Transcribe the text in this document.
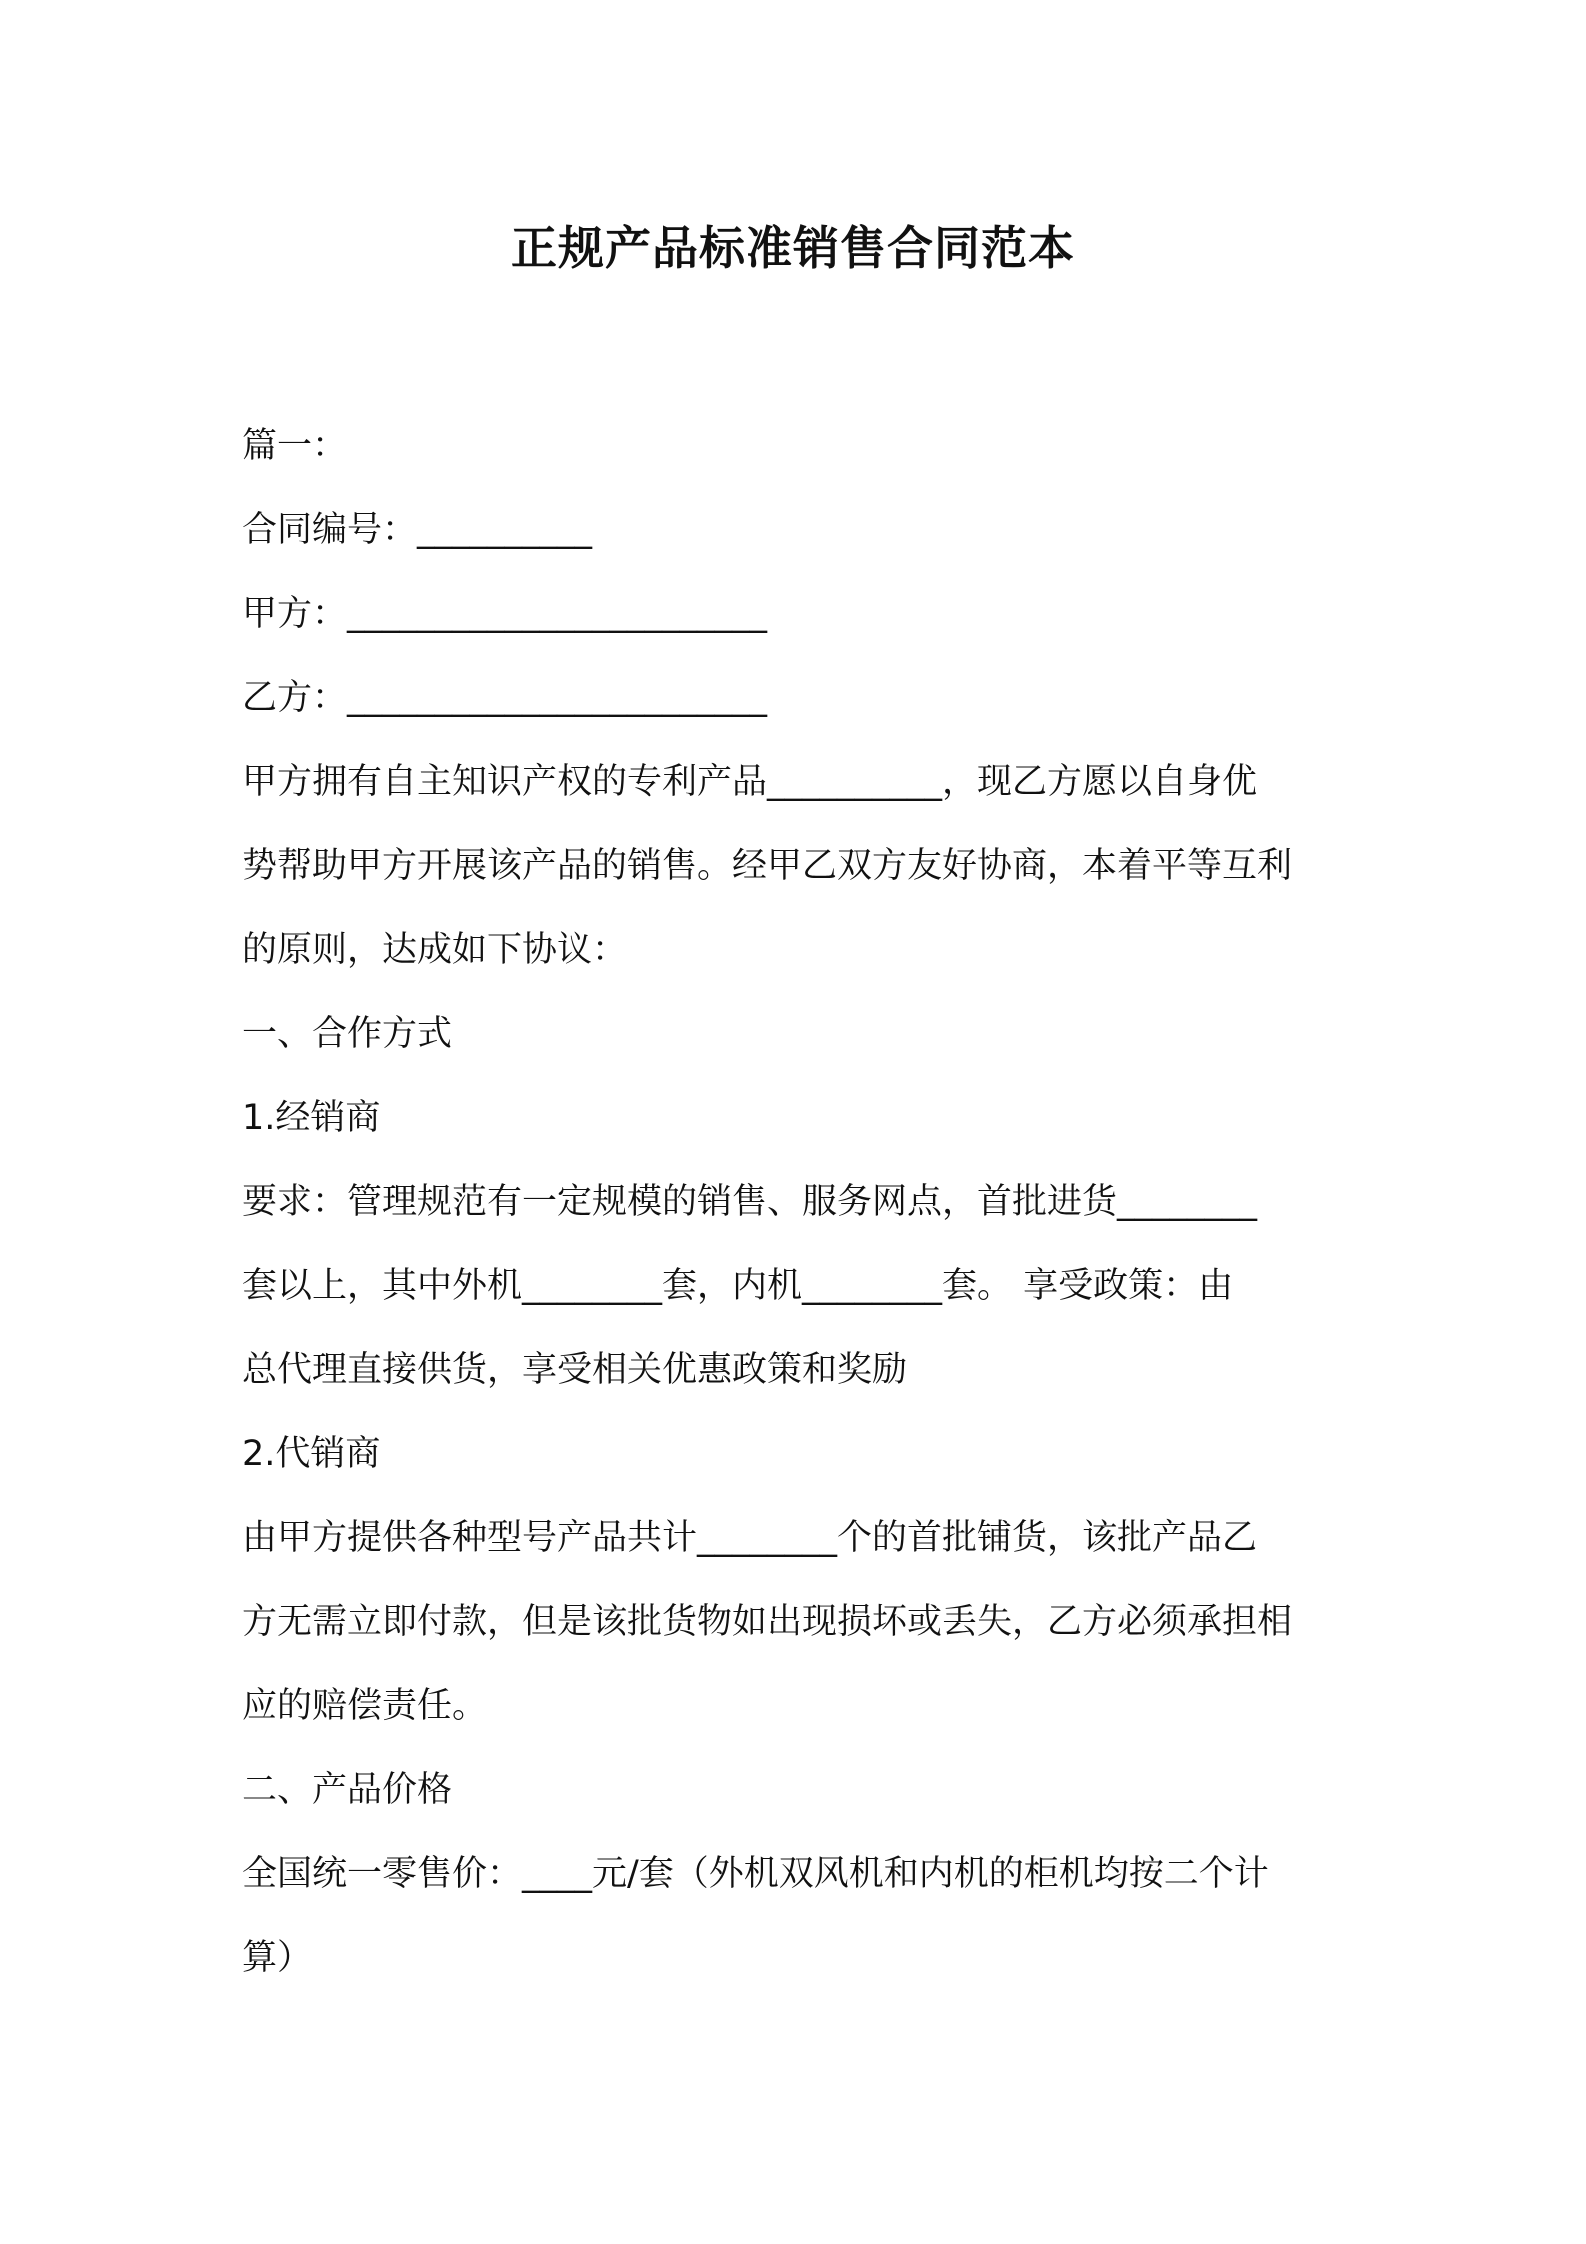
正规产品标准销售合同范本

篇一：

合同编号：__________

甲方：________________________

乙方：________________________

甲方拥有自主知识产权的专利产品__________，现乙方愿以自身优

势帮助甲方开展该产品的销售。经甲乙双方友好协商，本着平等互利

的原则，达成如下协议：

一、合作方式

1.经销商

要求：管理规范有一定规模的销售、服务网点，首批进货________

套以上，其中外机________套，内机________套。 享受政策：由

总代理直接供货，享受相关优惠政策和奖励

2.代销商

由甲方提供各种型号产品共计________个的首批铺货，该批产品乙

方无需立即付款，但是该批货物如出现损坏或丢失，乙方必须承担相

应的赔偿责任。

二、产品价格

全国统一零售价：____元/套（外机双风机和内机的柜机均按二个计

算）
